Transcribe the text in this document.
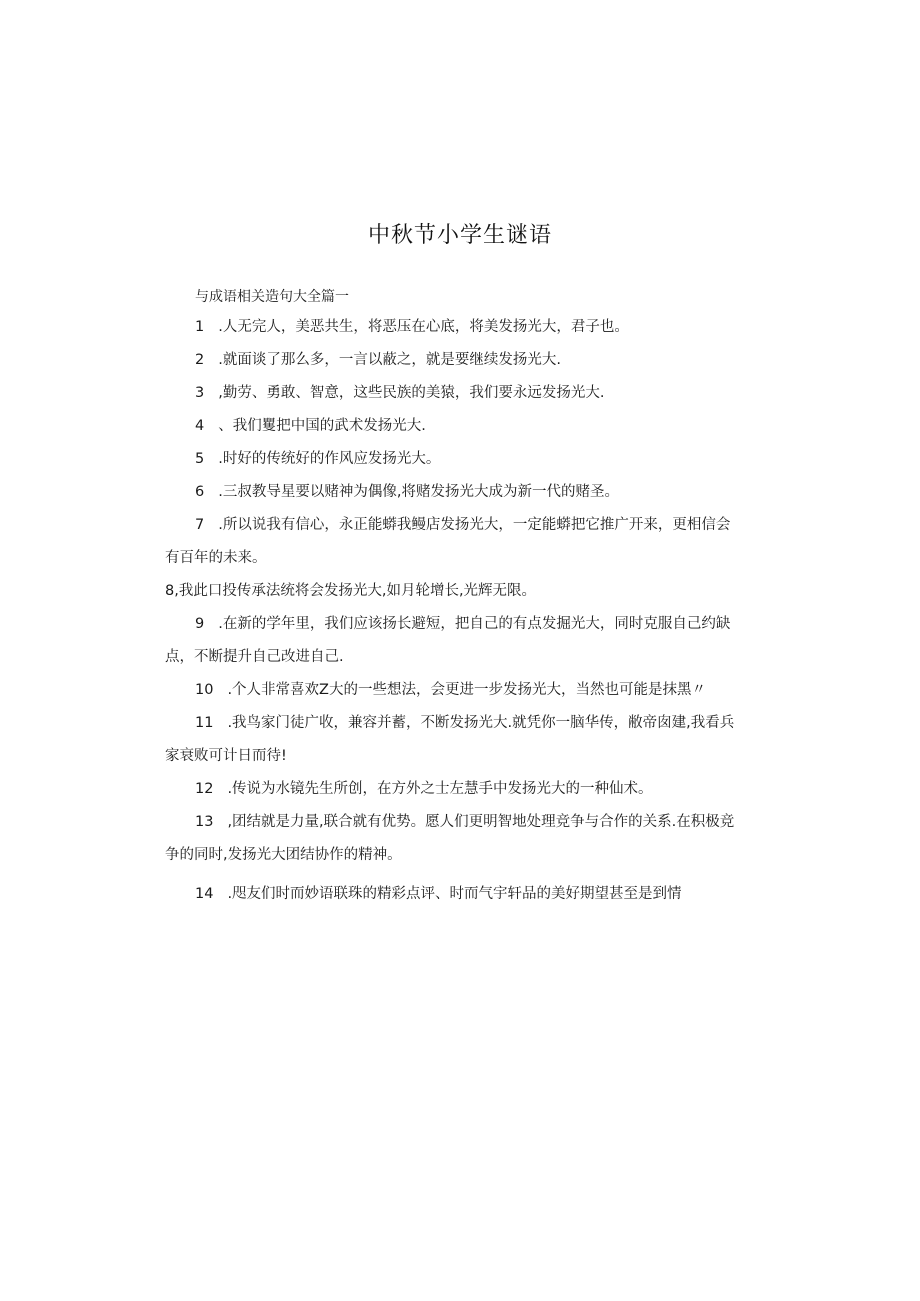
中秋节小学生谜语
与成语相关造句大全篇一
1 .人无完人，美恶共生，将恶压在心底，将美发扬光大，君子也。
2 .就面谈了那么多，一言以蔽之，就是要继续发扬光大.
3 ,勤劳、勇敢、智意，这些民族的美猿，我们要永远发扬光大.
4 、我们矍把中国的武术发扬光大.
5 .时好的传统好的作风应发扬光大。
6 .三叔教导星要以赌神为偶像,将赌发扬光大成为新一代的赌圣。
7 .所以说我有信心，永正能蟒我鳗店发扬光大，一定能蟒把它推广开来，更相信会
有百年的未来。
8,我此口投传承法统将会发扬光大,如月轮增长,光辉无限。
9 .在新的学年里，我们应该扬长避短，把自己的有点发掘光大，同时克服自己约缺
点，不断提升自己改进自己.
10 .个人非常喜欢Z大的一些想法，会更进一步发扬光大，当然也可能是抹黑〃
11 .我鸟家门徒广收，兼容并蓄，不断发扬光大.就凭你一脑华传，敝帝囱建,我看兵
家衰败可计日而待!
12 .传说为水镜先生所创，在方外之士左慧手中发扬光大的一种仙术。
13 ,团结就是力量,联合就有优势。愿人们更明智地处理竞争与合作的关系.在积极竞
争的同时,发扬光大团结协作的精神。
14 .咫友们时而妙语联珠的精彩点评、时而气宇轩品的美好期望甚至是到情
